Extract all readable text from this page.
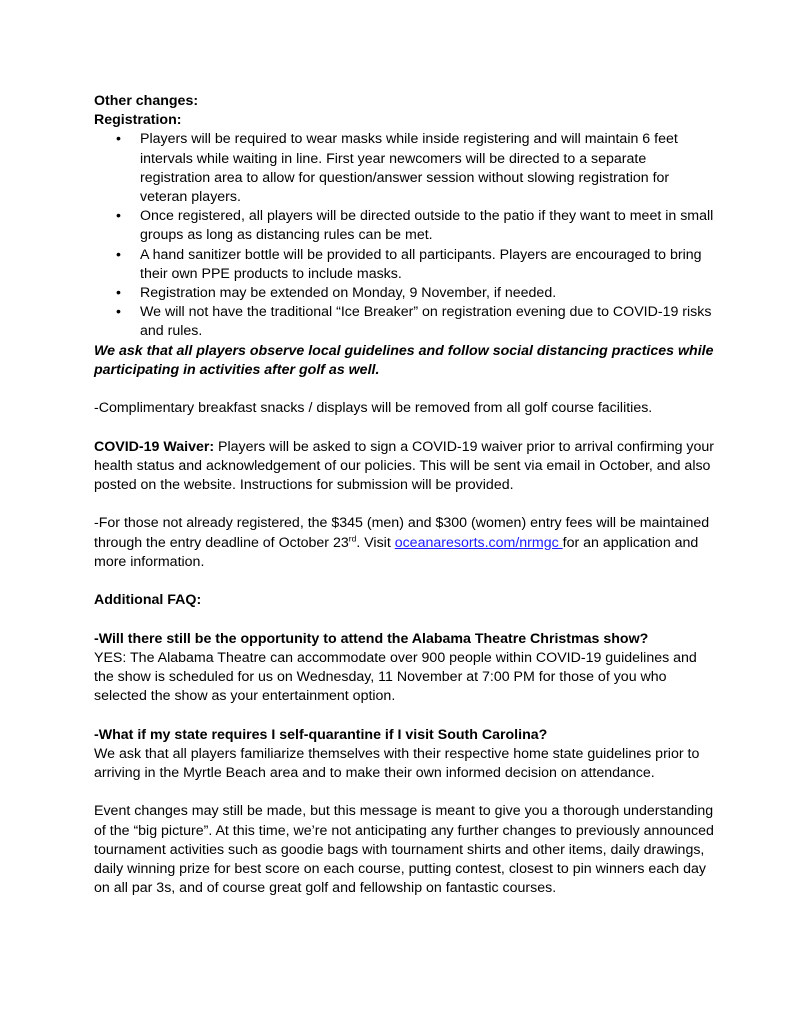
Other changes:

Registration:

• Players will be required to wear masks while inside registering and will maintain 6 feet intervals while waiting in line. First year newcomers will be directed to a separate registration area to allow for question/answer session without slowing registration for veteran players.
• Once registered, all players will be directed outside to the patio if they want to meet in small groups as long as distancing rules can be met.
• A hand sanitizer bottle will be provided to all participants. Players are encouraged to bring their own PPE products to include masks.
• Registration may be extended on Monday, 9 November, if needed.
• We will not have the traditional “Ice Breaker” on registration evening due to COVID-19 risks and rules.

We ask that all players observe local guidelines and follow social distancing practices while participating in activities after golf as well.

-Complimentary breakfast snacks / displays will be removed from all golf course facilities.

COVID-19 Waiver: Players will be asked to sign a COVID-19 waiver prior to arrival confirming your health status and acknowledgement of our policies. This will be sent via email in October, and also posted on the website. Instructions for submission will be provided.

-For those not already registered, the $345 (men) and $300 (women) entry fees will be maintained through the entry deadline of October 23rd. Visit oceanaresorts.com/nrmgc for an application and more information.

Additional FAQ:

-Will there still be the opportunity to attend the Alabama Theatre Christmas show?

YES: The Alabama Theatre can accommodate over 900 people within COVID-19 guidelines and the show is scheduled for us on Wednesday, 11 November at 7:00 PM for those of you who selected the show as your entertainment option.

-What if my state requires I self-quarantine if I visit South Carolina?

We ask that all players familiarize themselves with their respective home state guidelines prior to arriving in the Myrtle Beach area and to make their own informed decision on attendance.

Event changes may still be made, but this message is meant to give you a thorough understanding of the “big picture”. At this time, we’re not anticipating any further changes to previously announced tournament activities such as goodie bags with tournament shirts and other items, daily drawings, daily winning prize for best score on each course, putting contest, closest to pin winners each day on all par 3s, and of course great golf and fellowship on fantastic courses.
